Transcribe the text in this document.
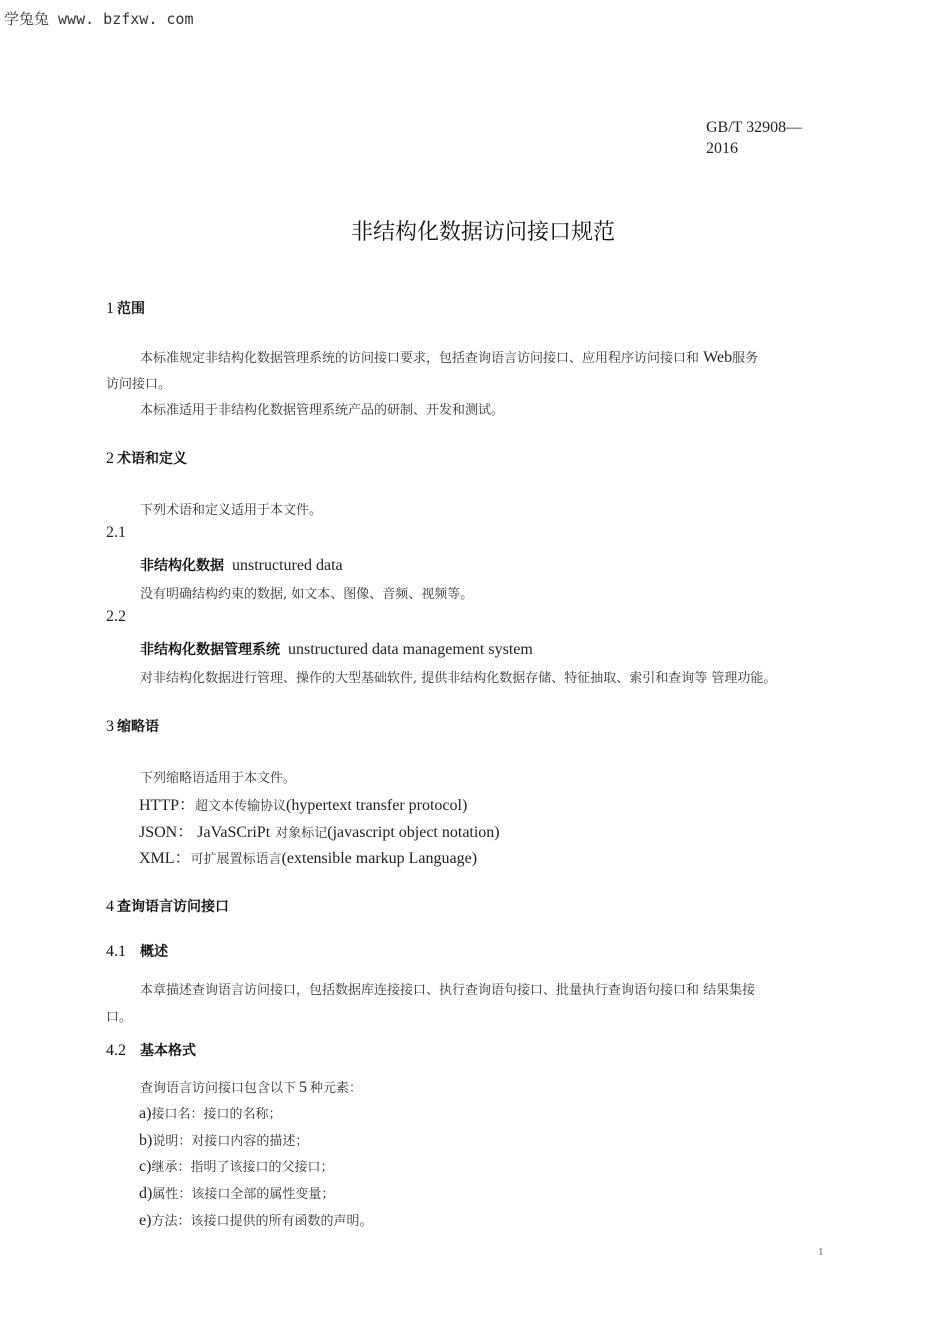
学兔兔 www. bzfxw. com
GB/T 32908—2016
非结构化数据访问接口规范
1 范围
本标准规定非结构化数据管理系统的访问接口要求，包括查询语言访问接口、应用程序访问接口和 Web服务
访问接口。
本标准适用于非结构化数据管理系统产品的研制、开发和测试。
2 术语和定义
下列术语和定义适用于本文件。
2.1
非结构化数据 unstructured data
没有明确结构约束的数据, 如文本、图像、音频、视频等。
2.2
非结构化数据管理系统 unstructured data management system
对非结构化数据进行管理、操作的大型基础软件, 提供非结构化数据存储、特征抽取、索引和查询等 管理功能。
3 缩略语
下列缩略语适用于本文件。
HTTP：超文本传输协议(hypertext transfer protocol)
JSON： JaVaSCriPt 对象标记(javascript object notation)
XML：可扩展置标语言(extensible markup Language)
4 查询语言访问接口
4.1 概述
本章描述查询语言访问接口，包括数据库连接接口、执行查询语句接口、批量执行查询语句接口和 结果集接
口。
4.2 基本格式
查询语言访问接口包含以下 5 种元素：
a)接口名：接口的名称；
b)说明：对接口内容的描述；
c)继承：指明了该接口的父接口；
d)属性：该接口全部的属性变量；
e)方法：该接口提供的所有函数的声明。
1
